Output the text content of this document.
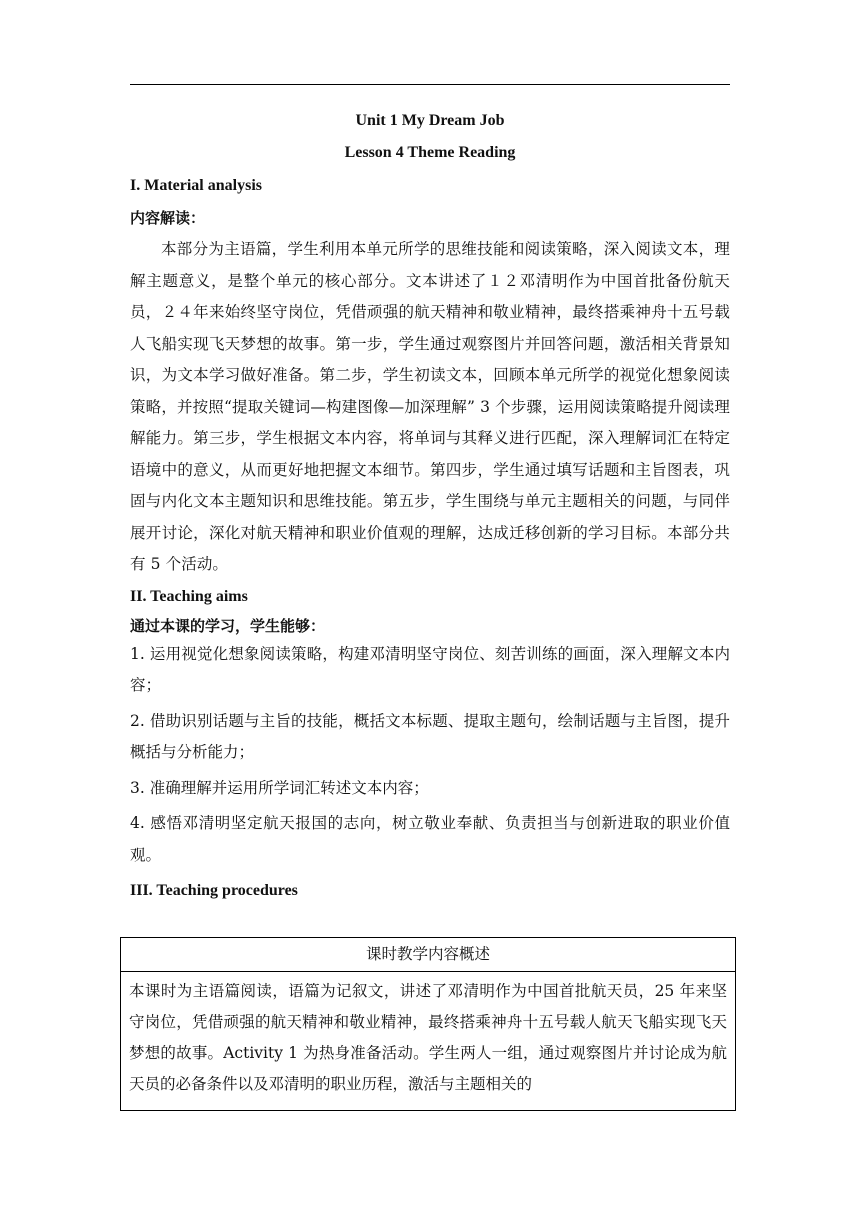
Unit 1 My Dream Job

Lesson 4 Theme Reading

I. Material analysis

内容解读：

本部分为主语篇，学生利用本单元所学的思维技能和阅读策略，深入阅读文本，理解主题意义，是整个单元的核心部分。文本讲述了１２邓清明作为中国首批备份航天员，２４年来始终坚守岗位，凭借顽强的航天精神和敬业精神，最终搭乘神舟十五号载人飞船实现飞天梦想的故事。第一步，学生通过观察图片并回答问题，激活相关背景知识，为文本学习做好准备。第二步，学生初读文本，回顾本单元所学的视觉化想象阅读策略，并按照“提取关键词—构建图像—加深理解” 3 个步骤，运用阅读策略提升阅读理解能力。第三步，学生根据文本内容，将单词与其释义进行匹配，深入理解词汇在特定语境中的意义，从而更好地把握文本细节。第四步，学生通过填写话题和主旨图表，巩固与内化文本主题知识和思维技能。第五步，学生围绕与单元主题相关的问题，与同伴展开讨论，深化对航天精神和职业价值观的理解，达成迁移创新的学习目标。本部分共有 5 个活动。

II. Teaching aims

通过本课的学习，学生能够：

1. 运用视觉化想象阅读策略，构建邓清明坚守岗位、刻苦训练的画面，深入理解文本内容；
2. 借助识别话题与主旨的技能，概括文本标题、提取主题句，绘制话题与主旨图，提升概括与分析能力；
3. 准确理解并运用所学词汇转述文本内容；
4. 感悟邓清明坚定航天报国的志向，树立敬业奉献、负责担当与创新进取的职业价值观。

III. Teaching procedures

课时教学内容概述
本课时为主语篇阅读，语篇为记叙文，讲述了邓清明作为中国首批航天员，25 年来坚守岗位，凭借顽强的航天精神和敬业精神，最终搭乘神舟十五号载人航天飞船实现飞天梦想的故事。Activity 1 为热身准备活动。学生两人一组，通过观察图片并讨论成为航天员的必备条件以及邓清明的职业历程，激活与主题相关的
